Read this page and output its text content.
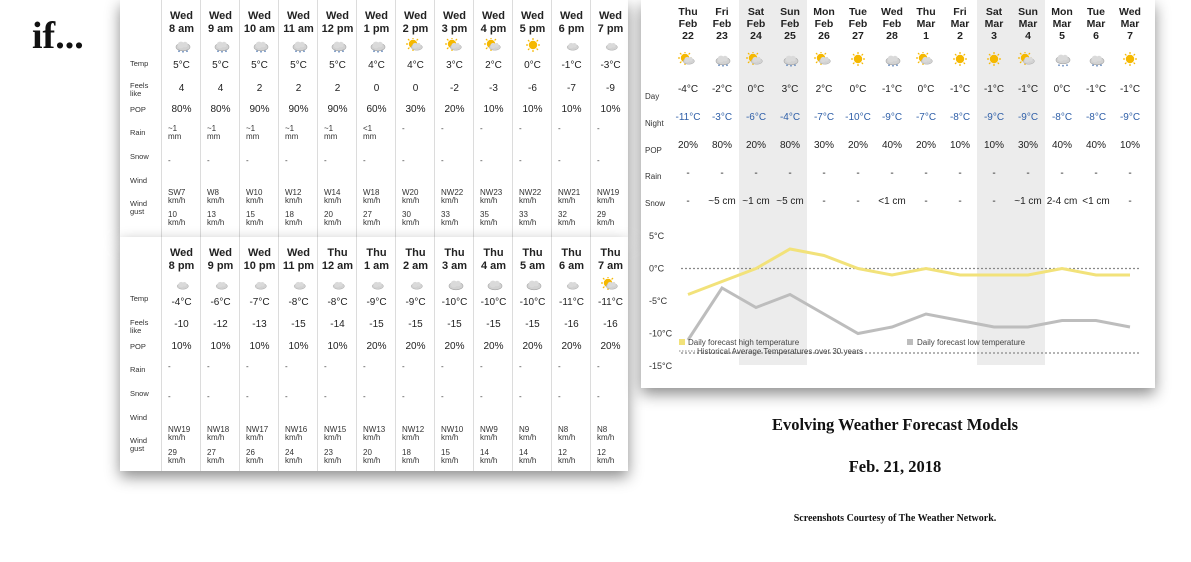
if...
Temp
Feels like
POP
Rain
Snow
Wind
Wind gust
Wed
8 am
5°C
4
80%
~1
mm
-
SW7
km/h
10
km/h
Wed
9 am
5°C
4
80%
~1
mm
-
W8
km/h
13
km/h
Wed
10 am
5°C
2
90%
~1
mm
-
W10
km/h
15
km/h
Wed
11 am
5°C
2
90%
~1
mm
-
W12
km/h
18
km/h
Wed
12 pm
5°C
2
90%
~1
mm
-
W14
km/h
20
km/h
Wed
1 pm
4°C
0
60%
<1
mm
-
W18
km/h
27
km/h
Wed
2 pm
4°C
0
30%
-
-
W20
km/h
30
km/h
Wed
3 pm
3°C
-2
20%
-
-
NW22
km/h
33
km/h
Wed
4 pm
2°C
-3
10%
-
-
NW23
km/h
35
km/h
Wed
5 pm
0°C
-6
10%
-
-
NW22
km/h
33
km/h
Wed
6 pm
-1°C
-7
10%
-
-
NW21
km/h
32
km/h
Wed
7 pm
-3°C
-9
10%
-
-
NW19
km/h
29
km/h
Temp
Feels like
POP
Rain
Snow
Wind
Wind gust
Wed
8 pm
-4°C
-10
10%
-
-
NW19
km/h
29
km/h
Wed
9 pm
-6°C
-12
10%
-
-
NW18
km/h
27
km/h
Wed
10 pm
-7°C
-13
10%
-
-
NW17
km/h
26
km/h
Wed
11 pm
-8°C
-15
10%
-
-
NW16
km/h
24
km/h
Thu
12 am
-8°C
-14
10%
-
-
NW15
km/h
23
km/h
Thu
1 am
-9°C
-15
20%
-
-
NW13
km/h
20
km/h
Thu
2 am
-9°C
-15
20%
-
-
NW12
km/h
18
km/h
Thu
3 am
-10°C
-15
20%
-
-
NW10
km/h
15
km/h
Thu
4 am
-10°C
-15
20%
-
-
NW9
km/h
14
km/h
Thu
5 am
-10°C
-15
20%
-
-
N9
km/h
14
km/h
Thu
6 am
-11°C
-16
20%
-
-
N8
km/h
12
km/h
Thu
7 am
-11°C
-16
20%
-
-
N8
km/h
12
km/h
Day
Night
POP
Rain
Snow
Thu
Feb
22
-4°C
-11°C
20%
-
-
Fri
Feb
23
-2°C
-3°C
80%
-
~5 cm
Sat
Feb
24
0°C
-6°C
20%
-
~1 cm
Sun
Feb
25
3°C
-4°C
80%
-
~5 cm
Mon
Feb
26
2°C
-7°C
30%
-
-
Tue
Feb
27
0°C
-10°C
20%
-
-
Wed
Feb
28
-1°C
-9°C
40%
-
<1 cm
Thu
Mar
1
0°C
-7°C
20%
-
-
Fri
Mar
2
-1°C
-8°C
10%
-
-
Sat
Mar
3
-1°C
-9°C
10%
-
-
Sun
Mar
4
-1°C
-9°C
30%
-
~1 cm
Mon
Mar
5
0°C
-8°C
40%
-
2-4 cm
Tue
Mar
6
-1°C
-8°C
40%
-
<1 cm
Wed
Mar
7
-1°C
-9°C
10%
-
-
5°C
0°C
-5°C
-10°C
-15°C
Daily forecast high temperature	Daily forecast low temperature
Historical Average Temperatures over 30 years
Evolving Weather Forecast Models
Feb. 21, 2018
Screenshots Courtesy of The Weather Network.
